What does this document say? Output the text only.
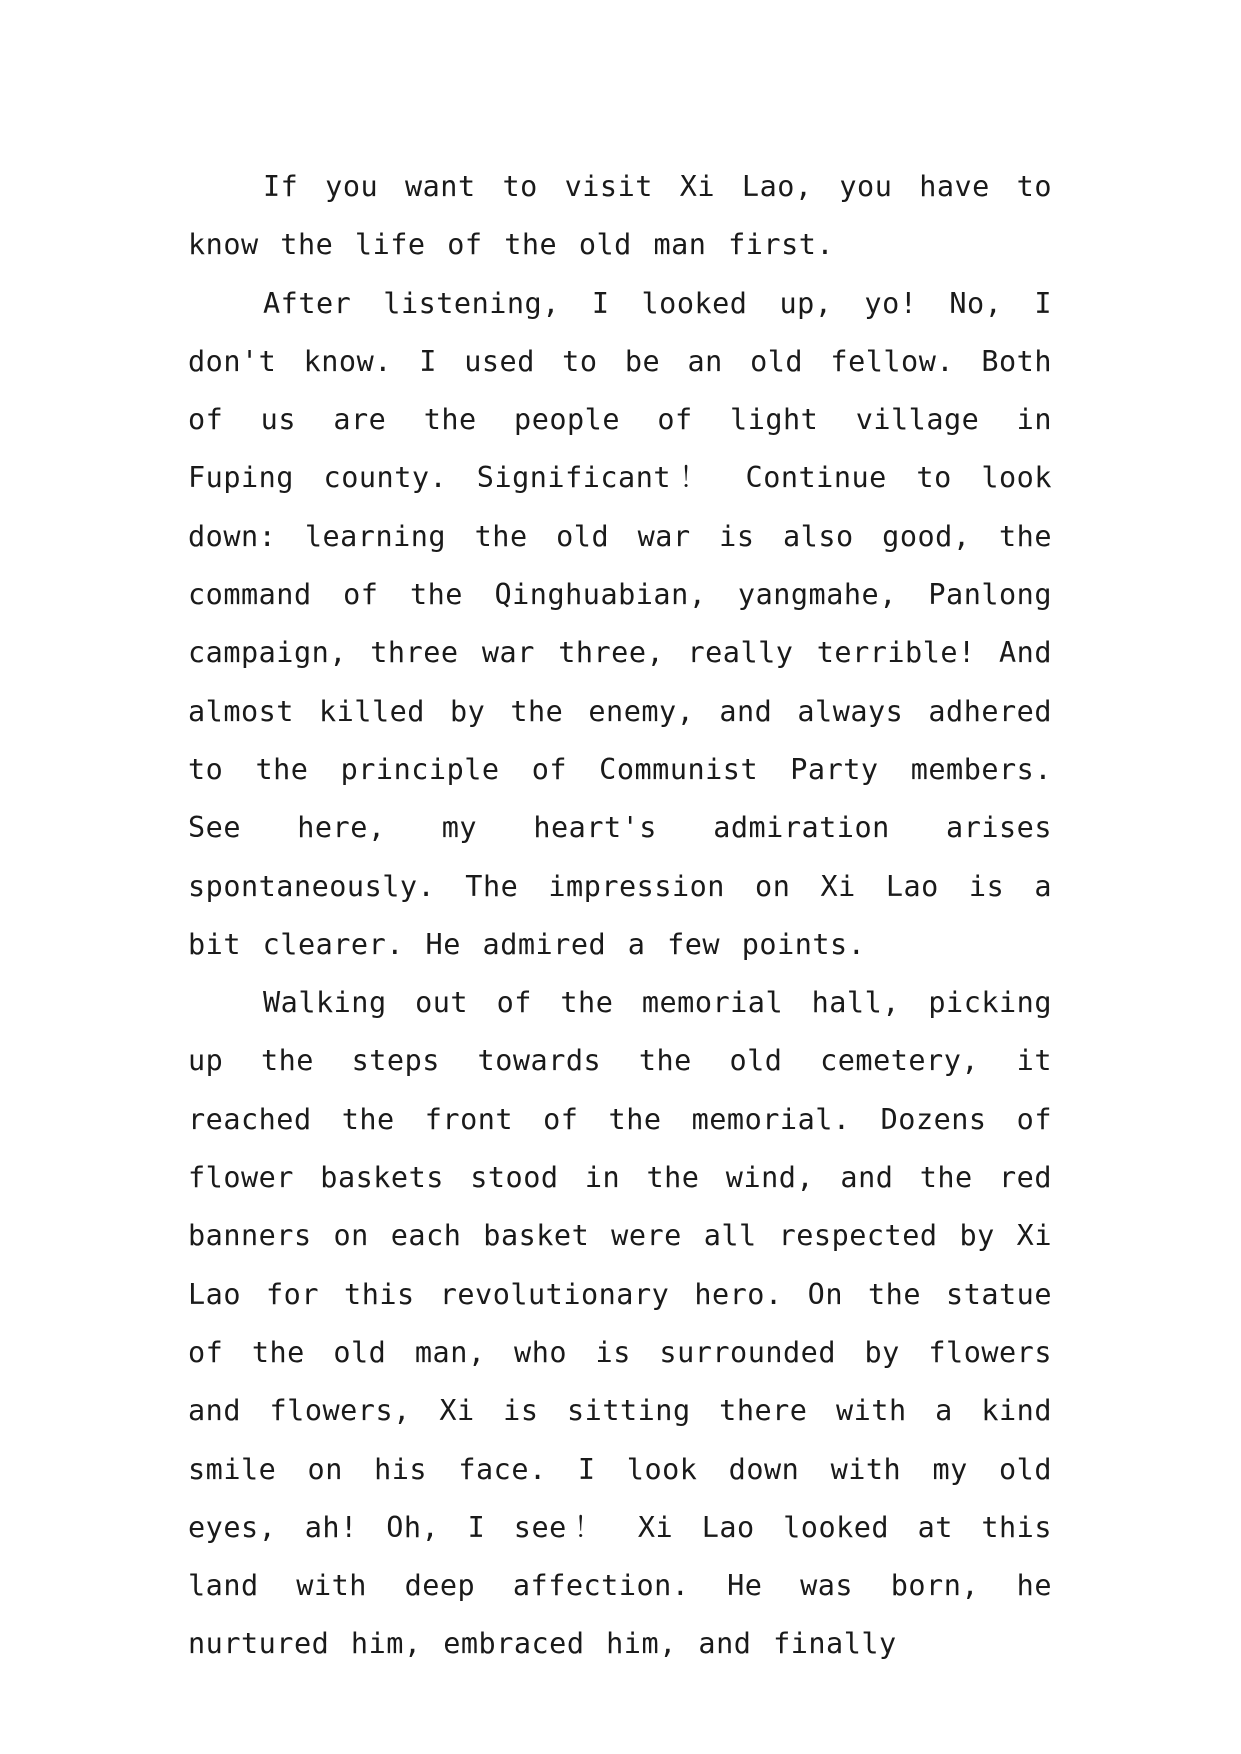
If you want to visit Xi Lao, you have to know the life of the old man first.

After listening, I looked up, yo! No, I don't know. I used to be an old fellow. Both of us are the people of light village in Fuping county. Significant！ Continue to look down: learning the old war is also good, the command of the Qinghuabian, yangmahe, Panlong campaign, three war three, really terrible! And almost killed by the enemy, and always adhered to the principle of Communist Party members. See here, my heart's admiration arises spontaneously. The impression on Xi Lao is a bit clearer. He admired a few points.

Walking out of the memorial hall, picking up the steps towards the old cemetery, it reached the front of the memorial. Dozens of flower baskets stood in the wind, and the red banners on each basket were all respected by Xi Lao for this revolutionary hero. On the statue of the old man, who is surrounded by flowers and flowers, Xi is sitting there with a kind smile on his face. I look down with my old eyes, ah! Oh, I see！ Xi Lao looked at this land with deep affection. He was born, he nurtured him, embraced him, and finally
